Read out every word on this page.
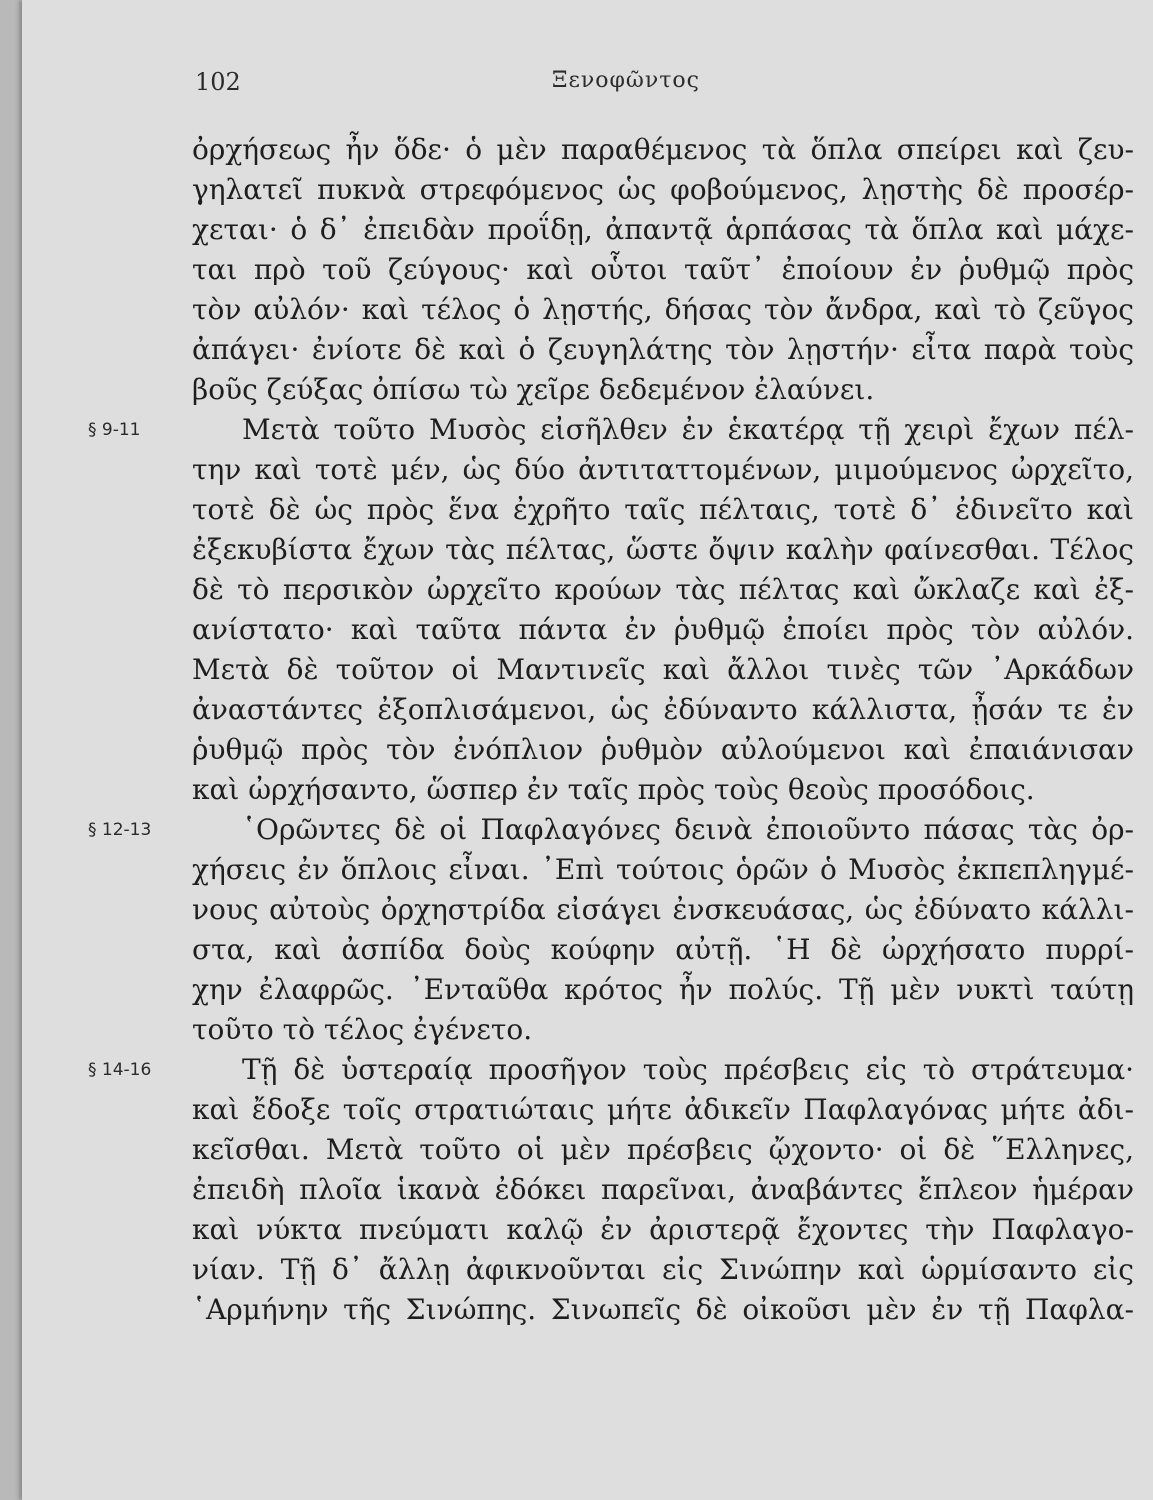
102	Ξενοφῶντος
ὀρχήσεως ἦν ὅδε· ὁ μὲν παραθέμενος τὰ ὅπλα σπείρει καὶ ζευ-
γηλατεῖ πυκνὰ στρεφόμενος ὡς φοβούμενος, λῃστὴς δὲ προσέρ-
χεται· ὁ δ᾿ ἐπειδὰν προΐδῃ, ἀπαντᾷ ἁρπάσας τὰ ὅπλα καὶ μάχε-
ται πρὸ τοῦ ζεύγους· καὶ οὗτοι ταῦτ᾿ ἐποίουν ἐν ῥυθμῷ πρὸς
τὸν αὐλόν· καὶ τέλος ὁ λῃστής, δήσας τὸν ἄνδρα, καὶ τὸ ζεῦγος
ἀπάγει· ἐνίοτε δὲ καὶ ὁ ζευγηλάτης τὸν λῃστήν· εἶτα παρὰ τοὺς
βοῦς ζεύξας ὀπίσω τὼ χεῖρε δεδεμένον ἐλαύνει.
§ 9-11	Μετὰ τοῦτο Μυσὸς εἰσῆλθεν ἐν ἑκατέρᾳ τῇ χειρὶ ἔχων πέλ-
την καὶ τοτὲ μέν, ὡς δύο ἀντιταττομένων, μιμούμενος ὠρχεῖτο,
τοτὲ δὲ ὡς πρὸς ἕνα ἐχρῆτο ταῖς πέλταις, τοτὲ δ᾿ ἐδινεῖτο καὶ
ἐξεκυβίστα ἔχων τὰς πέλτας, ὥστε ὄψιν καλὴν φαίνεσθαι. Τέλος
δὲ τὸ περσικὸν ὠρχεῖτο κρούων τὰς πέλτας καὶ ὤκλαζε καὶ ἐξ-
ανίστατο· καὶ ταῦτα πάντα ἐν ῥυθμῷ ἐποίει πρὸς τὸν αὐλόν.
Μετὰ δὲ τοῦτον οἱ Μαντινεῖς καὶ ἄλλοι τινὲς τῶν ᾿Αρκάδων
ἀναστάντες ἐξοπλισάμενοι, ὡς ἐδύναντο κάλλιστα, ᾖσάν τε ἐν
ῥυθμῷ πρὸς τὸν ἐνόπλιον ῥυθμὸν αὐλούμενοι καὶ ἐπαιάνισαν
καὶ ὠρχήσαντο, ὥσπερ ἐν ταῖς πρὸς τοὺς θεοὺς προσόδοις.
§ 12-13	῾Ορῶντες δὲ οἱ Παφλαγόνες δεινὰ ἐποιοῦντο πάσας τὰς ὀρ-
χήσεις ἐν ὅπλοις εἶναι. ᾿Επὶ τούτοις ὁρῶν ὁ Μυσὸς ἐκπεπληγμέ-
νους αὐτοὺς ὀρχηστρίδα εἰσάγει ἐνσκευάσας, ὡς ἐδύνατο κάλλι-
στα, καὶ ἀσπίδα δοὺς κούφην αὐτῇ. ῾Η δὲ ὠρχήσατο πυρρί-
χην ἐλαφρῶς. ᾿Ενταῦθα κρότος ἦν πολύς. Τῇ μὲν νυκτὶ ταύτῃ
τοῦτο τὸ τέλος ἐγένετο.
§ 14-16	Τῇ δὲ ὑστεραίᾳ προσῆγον τοὺς πρέσβεις εἰς τὸ στράτευμα·
καὶ ἔδοξε τοῖς στρατιώταις μήτε ἀδικεῖν Παφλαγόνας μήτε ἀδι-
κεῖσθαι. Μετὰ τοῦτο οἱ μὲν πρέσβεις ᾤχοντο· οἱ δὲ ῞Ελληνες,
ἐπειδὴ πλοῖα ἱκανὰ ἐδόκει παρεῖναι, ἀναβάντες ἔπλεον ἡμέραν
καὶ νύκτα πνεύματι καλῷ ἐν ἀριστερᾷ ἔχοντες τὴν Παφλαγο-
νίαν. Τῇ δ᾿ ἄλλῃ ἀφικνοῦνται εἰς Σινώπην καὶ ὡρμίσαντο εἰς
῾Αρμήνην τῆς Σινώπης. Σινωπεῖς δὲ οἰκοῦσι μὲν ἐν τῇ Παφλα-
